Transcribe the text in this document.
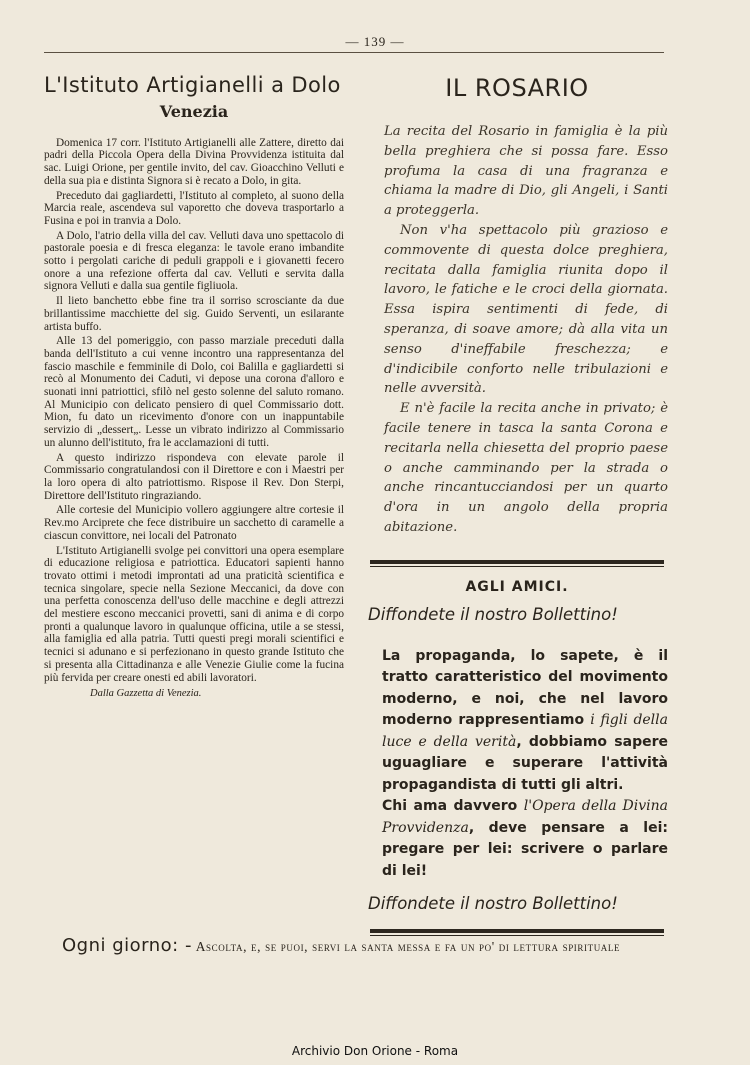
— 139 —
L'Istituto Artigianelli a Dolo
Venezia

Domenica 17 corr. l'Istituto Artigianelli alle Zattere, diretto dai padri della Piccola Opera della Divina Provvidenza istituita dal sac. Luigi Orione, per gentile invito, del cav. Gioacchino Velluti e della sua pia e distinta Signora si è recato a Dolo, in gita.

Preceduto dai gagliardetti, l'Istituto al completo, al suono della Marcia reale, ascendeva sul vaporetto che doveva trasportarlo a Fusina e poi in tranvia a Dolo.

A Dolo, l'atrio della villa del cav. Velluti dava uno spettacolo di pastorale poesia e di fresca eleganza: le tavole erano imbandite sotto i pergolati cariche di peduli grappoli e i giovanetti fecero onore a una refezione offerta dal cav. Velluti e servita dalla signora Velluti e dalla sua gentile figliuola.

Il lieto banchetto ebbe fine tra il sorriso scrosciante da due brillantissime macchiette del sig. Guido Serventi, un esilarante artista buffo.

Alle 13 del pomeriggio, con passo marziale preceduti dalla banda dell'Istituto a cui venne incontro una rappresentanza del fascio maschile e femminile di Dolo, coi Balilla e gagliardetti si recò al Monumento dei Caduti, vi depose una corona d'alloro e suonati inni patriottici, sfilò nel gesto solenne del saluto romano. Al Municipio con delicato pensiero di quel Commissario dott. Mion, fu dato un ricevimento d'onore con un inappuntabile servizio di „dessert„. Lesse un vibrato indirizzo al Commissario un alunno dell'istituto, fra le acclamazioni di tutti.

A questo indirizzo rispondeva con elevate parole il Commissario congratulandosi con il Direttore e con i Maestri per la loro opera di alto patriottismo. Rispose il Rev. Don Sterpi, Direttore dell'Istituto ringraziando.

Alle cortesie del Municipio vollero aggiungere altre cortesie il Rev.mo Arciprete che fece distribuire un sacchetto di caramelle a ciascun convittore, nei locali del Patronato

L'Istituto Artigianelli svolge pei convittori una opera esemplare di educazione religiosa e patriottica. Educatori sapienti hanno trovato ottimi i metodi improntati ad una praticità scientifica e tecnica singolare, specie nella Sezione Meccanici, da dove con una perfetta conoscenza dell'uso delle macchine e degli attrezzi del mestiere escono meccanici provetti, sani di anima e di corpo pronti a qualunque lavoro in qualunque officina, utile a se stessi, alla famiglia ed alla patria. Tutti questi pregi morali scientifici e tecnici si adunano e si perfezionano in questo grande Istituto che si presenta alla Cittadinanza e alle Venezie Giulie come la fucina più fervida per creare onesti ed abili lavoratori.

Dalla Gazzetta di Venezia.
IL ROSARIO

La recita del Rosario in famiglia è la più bella preghiera che si possa fare. Esso profuma la casa di una fragranza e chiama la madre di Dio, gli Angeli, i Santi a proteggerla.

Non v'ha spettacolo più grazioso e commovente di questa dolce preghiera, recitata dalla famiglia riunita dopo il lavoro, le fatiche e le croci della giornata. Essa ispira sentimenti di fede, di speranza, di soave amore; dà alla vita un senso d'ineffabile freschezza; e d'indicibile conforto nelle tribulazioni e nelle avversità.

E n'è facile la recita anche in privato; è facile tenere in tasca la santa Corona e recitarla nella chiesetta del proprio paese o anche camminando per la strada o anche rincantucciandosi per un quarto d'ora in un angolo della propria abitazione.

AGLI AMICI.
Diffondete il nostro Bollettino!

La propaganda, lo sapete, è il tratto caratteristico del movimento moderno, e noi, che nel lavoro moderno rappresentiamo i figli della luce e della verità, dobbiamo sapere uguagliare e superare l'attività propagandista di tutti gli altri.

Chi ama davvero l'Opera della Divina Provvidenza, deve pensare a lei: pregare per lei: scrivere o parlare di lei!

Diffondete il nostro Bollettino!
Ogni giorno: - Ascolta, e, se puoi, servi la santa messa e fa un po' di lettura spirituale
Archivio Don Orione - Roma
